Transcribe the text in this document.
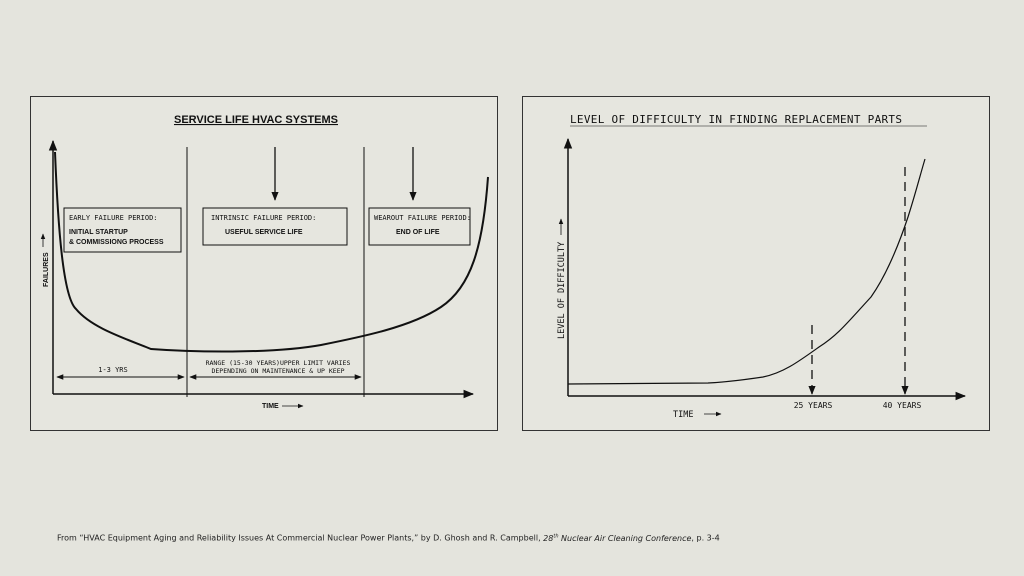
SERVICE LIFE HVAC SYSTEMS
FAILURES
EARLY FAILURE PERIOD:
INITIAL STARTUP
& COMMISSIONG PROCESS
INTRINSIC FAILURE PERIOD:
USEFUL SERVICE LIFE
WEAROUT FAILURE PERIOD:
END OF LIFE
1-3 YRS
RANGE (15-30 YEARS)UPPER LIMIT VARIES
DEPENDING ON MAINTENANCE & UP KEEP
TIME
LEVEL OF DIFFICULTY IN FINDING REPLACEMENT PARTS
LEVEL OF DIFFICULTY
25 YEARS	40 YEARS
TIME
From “HVAC Equipment Aging and Reliability Issues At Commercial Nuclear Power Plants,” by D. Ghosh and R. Campbell, 28th Nuclear Air Cleaning Conference, p. 3-4
